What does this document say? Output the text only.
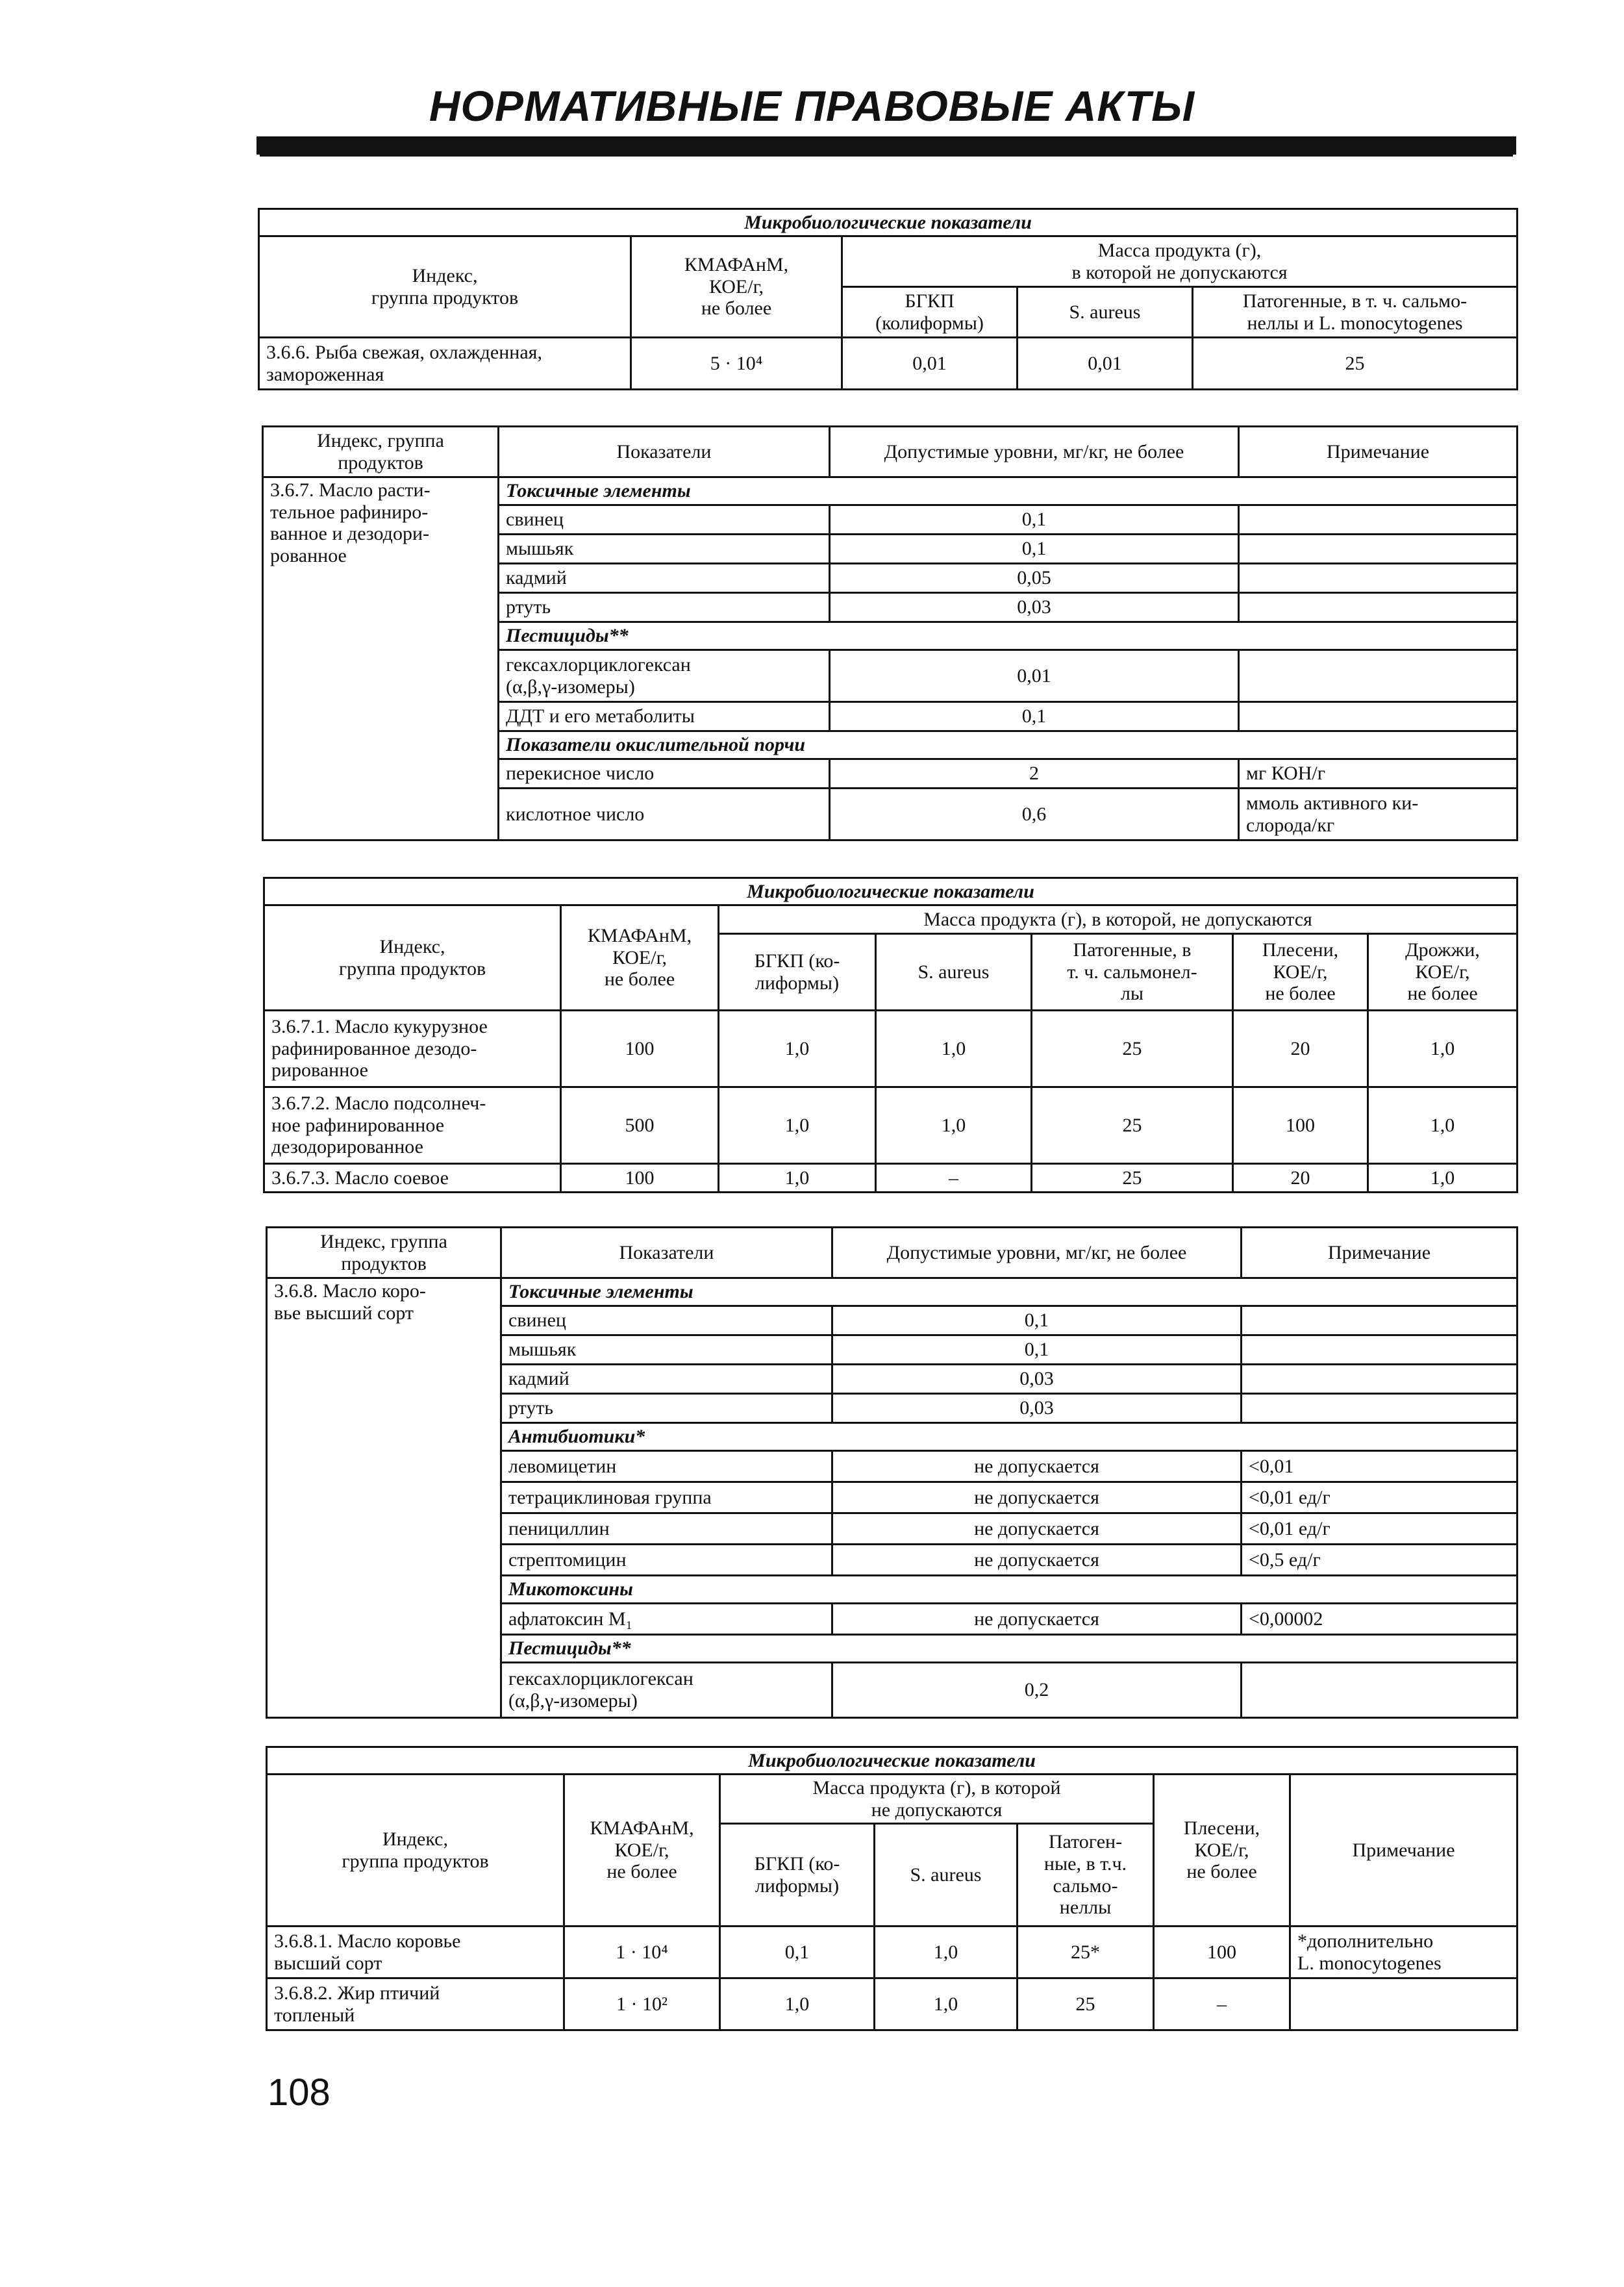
НОРМАТИВНЫЕ ПРАВОВЫЕ АКТЫ
Микробиологические показатели				
Индекс,
группа продуктов	КМАФАнМ,
КОЕ/г,
не более	Масса продукта (г),
в которой не допускаются		
		БГКП
(колиформы)	S. aureus	Патогенные, в т. ч. сальмо-
неллы и L. monocytogenes
3.6.6. Рыба свежая, охлажденная,
замороженная	5 · 10⁴	0,01	0,01	25
Индекс, группа
продуктов	Показатели	Допустимые уровни, мг/кг, не более	Примечание
3.6.7. Масло расти-
тельное рафиниро-
ванное и дезодори-
рованное	Токсичные элементы		
	свинец	0,1	
	мышьяк	0,1	
	кадмий	0,05	
	ртуть	0,03	
	Пестициды**		
	гексахлорциклогексан
(α,β,γ-изомеры)	0,01	
	ДДТ и его метаболиты	0,1	
	Показатели окислительной порчи		
	перекисное число	2	мг КОН/г
	кислотное число	0,6	ммоль активного ки-
слорода/кг
Микробиологические показатели						
Индекс,
группа продуктов	КМАФАнМ,
КОЕ/г,
не более	Масса продукта (г), в которой, не допускаются				
		БГКП (ко-
лиформы)	S. aureus	Патогенные, в
т. ч. сальмонел-
лы	Плесени,
КОЕ/г,
не более	Дрожжи,
КОЕ/г,
не более
3.6.7.1. Масло кукурузное
рафинированное дезодо-
рированное	100	1,0	1,0	25	20	1,0
3.6.7.2. Масло подсолнеч-
ное рафинированное
дезодорированное	500	1,0	1,0	25	100	1,0
3.6.7.3. Масло соевое	100	1,0	–	25	20	1,0
Индекс, группа
продуктов	Показатели	Допустимые уровни, мг/кг, не более	Примечание
3.6.8. Масло коро-
вье высший сорт	Токсичные элементы		
	свинец	0,1	
	мышьяк	0,1	
	кадмий	0,03	
	ртуть	0,03	
	Антибиотики*		
	левомицетин	не допускается	<0,01
	тетрациклиновая группа	не допускается	<0,01 ед/г
	пенициллин	не допускается	<0,01 ед/г
	стрептомицин	не допускается	<0,5 ед/г
	Микотоксины		
	афлатоксин M₁	не допускается	<0,00002
	Пестициды**		
	гексахлорциклогексан
(α,β,γ-изомеры)	0,2	
Микробиологические показатели						
Индекс,
группа продуктов	КМАФАнМ,
КОЕ/г,
не более	Масса продукта (г), в которой
не допускаются			Плесени,
КОЕ/г,
не более	Примечание
		БГКП (ко-
лиформы)	S. aureus	Патоген-
ные, в т.ч.
сальмо-
неллы		
3.6.8.1. Масло коровье
высший сорт	1 · 10⁴	0,1	1,0	25*	100	*дополнительно
L. monocytogenes
3.6.8.2. Жир птичий
топленый	1 · 10²	1,0	1,0	25	–	
108
